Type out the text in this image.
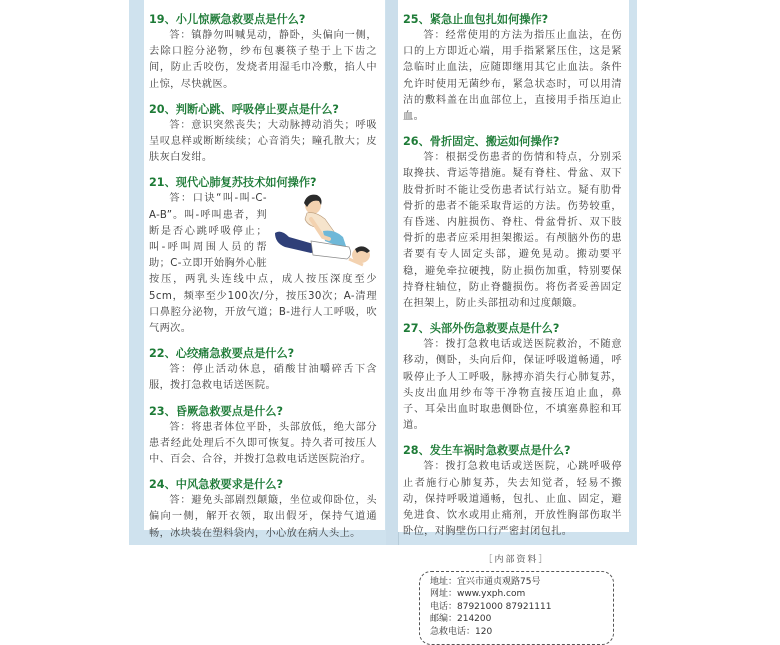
19、小儿惊厥急救要点是什么?
答：镇静勿叫喊晃动，静卧，头偏向一侧，去除口腔分泌物，纱布包裹筷子垫于上下齿之间，防止舌咬伤，发烧者用湿毛巾冷敷，掐人中止惊，尽快就医。
20、判断心跳、呼吸停止要点是什么?
答：意识突然丧失；大动脉搏动消失；呼吸呈叹息样或断断续续；心音消失；瞳孔散大；皮肤灰白发绀。
21、现代心肺复苏技术如何操作?
答：口诀“叫-叫-C-A-B”。叫-呼叫患者，判断是否心跳呼吸停止；叫-呼叫周围人员的帮助；C-立即开始胸外心脏按压，两乳头连线中点，成人按压深度至少5cm，频率至少100次/分，按压30次；A-清理口鼻腔分泌物，开放气道；B-进行人工呼吸，吹气两次。
22、心绞痛急救要点是什么?
答：停止活动休息，硝酸甘油嚼碎舌下含服，拨打急救电话送医院。
23、昏厥急救要点是什么?
答：将患者体位平卧，头部放低，绝大部分患者经此处理后不久即可恢复。持久者可按压人中、百会、合谷，并拨打急救电话送医院治疗。
24、中风急救要求是什么?
答：避免头部剧烈颠簸，坐位或仰卧位，头偏向一侧，解开衣领，取出假牙，保持气道通畅，冰块装在塑料袋内，小心放在病人头上。
25、紧急止血包扎如何操作?
答：经常使用的方法为指压止血法，在伤口的上方即近心端，用手指紧紧压住，这是紧急临时止血法，应随即继用其它止血法。条件允许时使用无菌纱布，紧急状态时，可以用清洁的敷料盖在出血部位上，直接用手指压迫止血。
26、骨折固定、搬运如何操作?
答：根据受伤患者的伤情和特点，分别采取搀扶、背运等措施。疑有脊柱、骨盆、双下肢骨折时不能让受伤患者试行站立。疑有肋骨骨折的患者不能采取背运的方法。伤势较重，有昏迷、内脏损伤、脊柱、骨盆骨折、双下肢骨折的患者应采用担架搬运。有颅脑外伤的患者要有专人固定头部，避免晃动。搬动要平稳，避免牵拉硬拽，防止损伤加重，特别要保持脊柱轴位，防止脊髓损伤。将伤者妥善固定在担架上，防止头部扭动和过度颠簸。
27、头部外伤急救要点是什么?
答：拨打急救电话或送医院救治，不随意移动，侧卧，头向后仰，保证呼吸道畅通，呼吸停止予人工呼吸，脉搏亦消失行心肺复苏，头皮出血用纱布等干净物直接压迫止血，鼻子、耳朵出血时取患侧卧位，不填塞鼻腔和耳道。
28、发生车祸时急救要点是什么?
答：拨打急救电话或送医院，心跳呼吸停止者施行心肺复苏，失去知觉者，轻易不搬动，保持呼吸道通畅，包扎、止血、固定，避免进食、饮水或用止痛剂，开放性胸部伤取半卧位，对胸壁伤口行严密封闭包扎。
［内部资料］
地址：宜兴市通贞观路75号
网址：www.yxph.com
电话：87921000 87921111
邮编：214200
急救电话：120
